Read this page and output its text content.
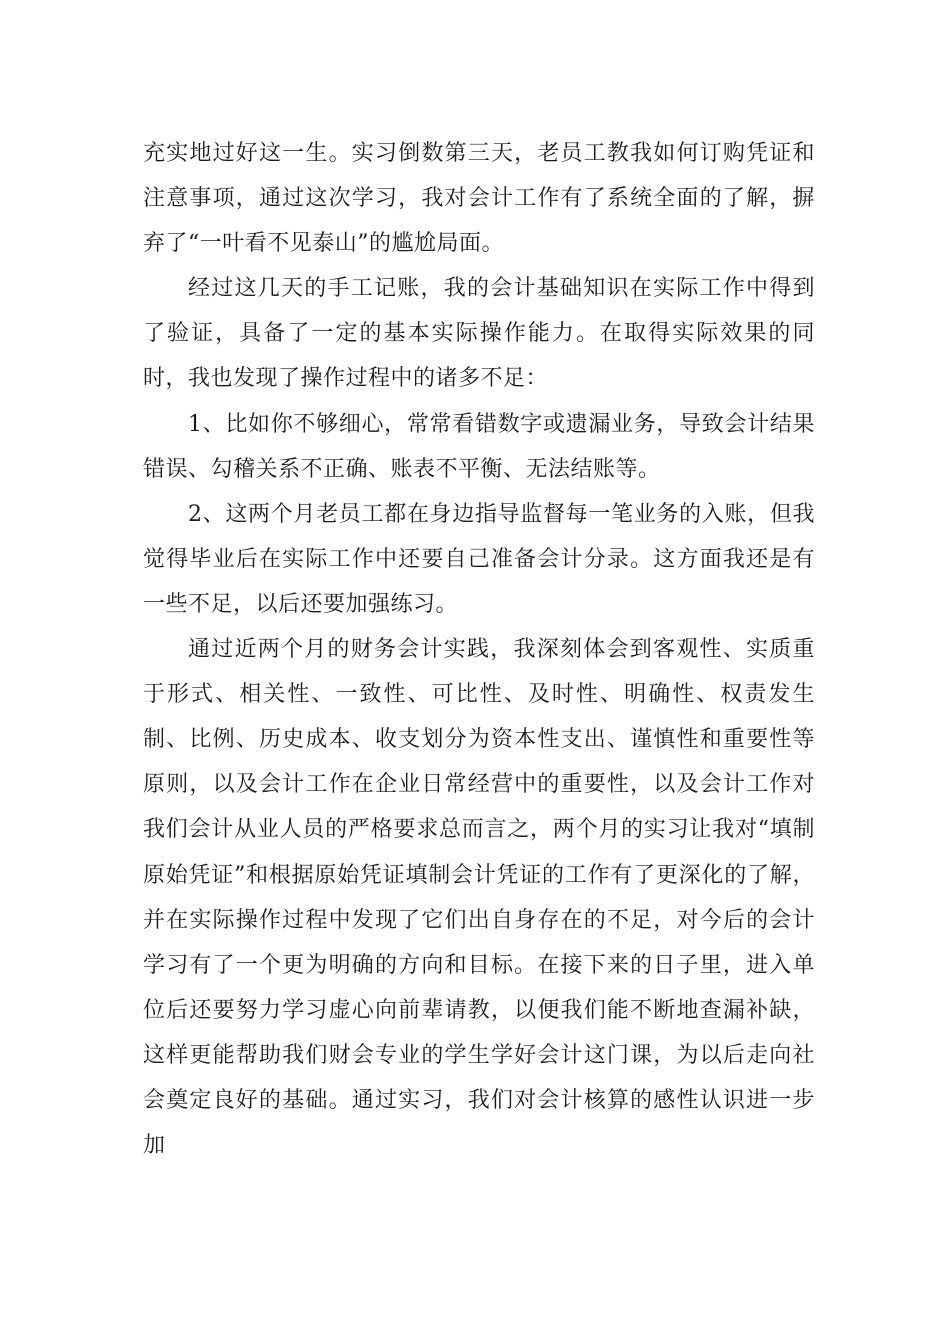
充实地过好这一生。实习倒数第三天，老员工教我如何订购凭证和注意事项，通过这次学习，我对会计工作有了系统全面的了解，摒弃了“一叶看不见泰山”的尴尬局面。

经过这几天的手工记账，我的会计基础知识在实际工作中得到了验证，具备了一定的基本实际操作能力。在取得实际效果的同时，我也发现了操作过程中的诸多不足：

1、比如你不够细心，常常看错数字或遗漏业务，导致会计结果错误、勾稽关系不正确、账表不平衡、无法结账等。

2、这两个月老员工都在身边指导监督每一笔业务的入账，但我觉得毕业后在实际工作中还要自己准备会计分录。这方面我还是有一些不足，以后还要加强练习。

通过近两个月的财务会计实践，我深刻体会到客观性、实质重于形式、相关性、一致性、可比性、及时性、明确性、权责发生制、比例、历史成本、收支划分为资本性支出、谨慎性和重要性等原则，以及会计工作在企业日常经营中的重要性，以及会计工作对我们会计从业人员的严格要求总而言之，两个月的实习让我对“填制原始凭证”和根据原始凭证填制会计凭证的工作有了更深化的了解，并在实际操作过程中发现了它们出自身存在的不足，对今后的会计学习有了一个更为明确的方向和目标。在接下来的日子里，进入单位后还要努力学习虚心向前辈请教，以便我们能不断地查漏补缺，这样更能帮助我们财会专业的学生学好会计这门课，为以后走向社会奠定良好的基础。通过实习，我们对会计核算的感性认识进一步加
